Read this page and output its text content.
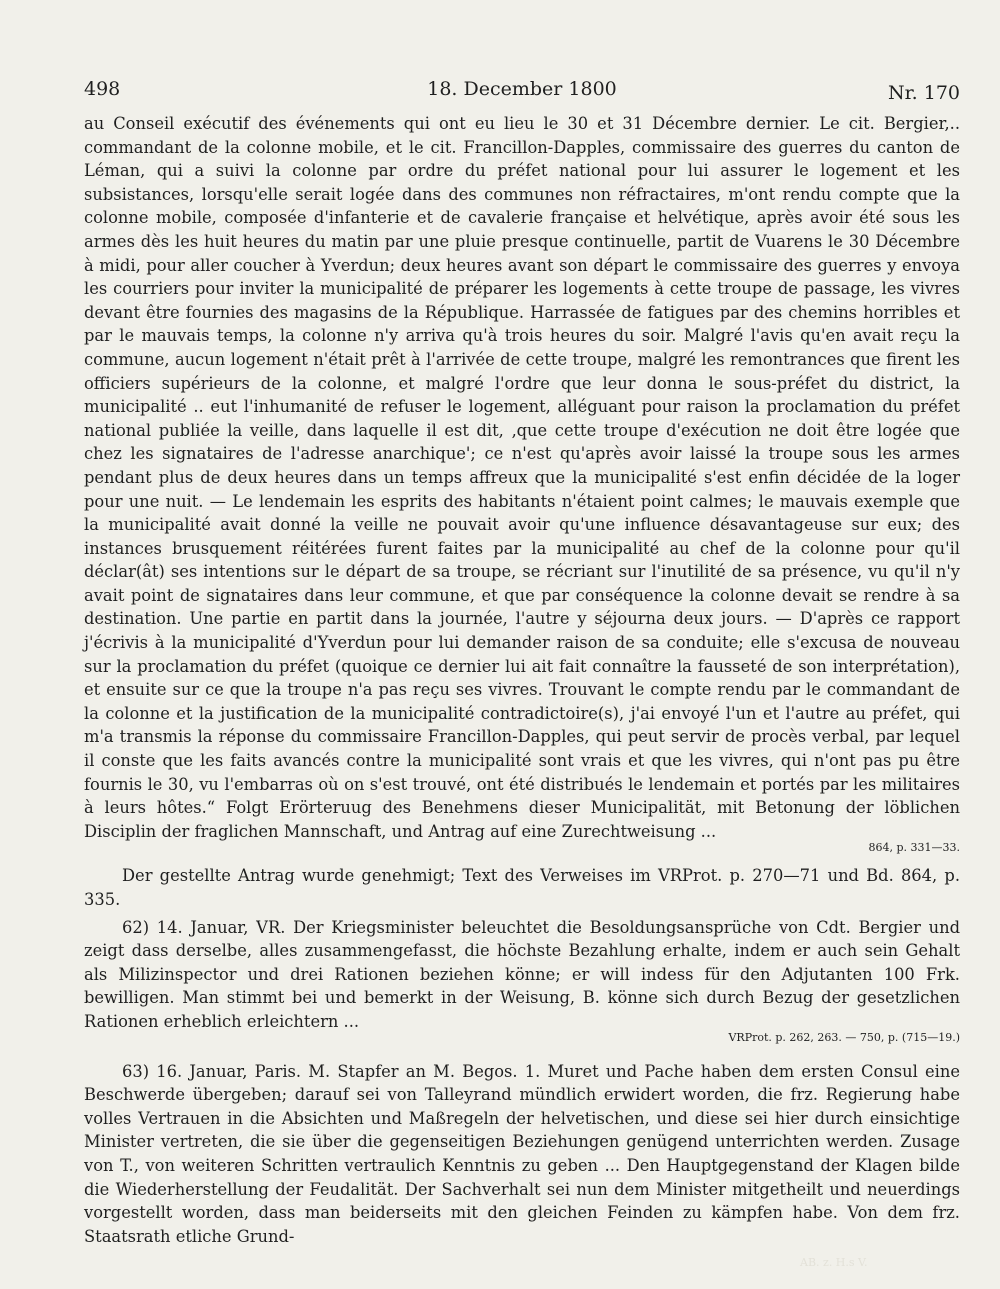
498	18. December 1800	Nr. 170

au Conseil exécutif des événements qui ont eu lieu le 30 et 31 Décembre dernier. Le cit. Bergier,.. commandant de la colonne mobile, et le cit. Francillon-Dapples, commissaire des guerres du canton de Léman, qui a suivi la colonne par ordre du préfet national pour lui assurer le logement et les subsistances, lorsqu'elle serait logée dans des communes non réfractaires, m'ont rendu compte que la colonne mobile, composée d'infanterie et de cavalerie française et helvétique, après avoir été sous les armes dès les huit heures du matin par une pluie presque continuelle, partit de Vuarens le 30 Décembre à midi, pour aller coucher à Yverdun; deux heures avant son départ le commissaire des guerres y envoya les courriers pour inviter la municipalité de préparer les logements à cette troupe de passage, les vivres devant être fournies des magasins de la République. Harrassée de fatigues par des chemins horribles et par le mauvais temps, la colonne n'y arriva qu'à trois heures du soir. Malgré l'avis qu'en avait reçu la commune, aucun logement n'était prêt à l'arrivée de cette troupe, malgré les remontrances que firent les officiers supérieurs de la colonne, et malgré l'ordre que leur donna le sous-préfet du district, la municipalité .. eut l'inhumanité de refuser le logement, alléguant pour raison la proclamation du préfet national publiée la veille, dans laquelle il est dit, ‚que cette troupe d'exécution ne doit être logée que chez les signataires de l'adresse anarchique'; ce n'est qu'après avoir laissé la troupe sous les armes pendant plus de deux heures dans un temps affreux que la municipalité s'est enfin décidée de la loger pour une nuit. — Le lendemain les esprits des habitants n'étaient point calmes; le mauvais exemple que la municipalité avait donné la veille ne pouvait avoir qu'une influence désavantageuse sur eux; des instances brusquement réitérées furent faites par la municipalité au chef de la colonne pour qu'il déclar(ât) ses intentions sur le départ de sa troupe, se récriant sur l'inutilité de sa présence, vu qu'il n'y avait point de signataires dans leur commune, et que par conséquence la colonne devait se rendre à sa destination. Une partie en partit dans la journée, l'autre y séjourna deux jours. — D'après ce rapport j'écrivis à la municipalité d'Yverdun pour lui demander raison de sa conduite; elle s'excusa de nouveau sur la proclamation du préfet (quoique ce dernier lui ait fait connaître la fausseté de son interprétation), et ensuite sur ce que la troupe n'a pas reçu ses vivres. Trouvant le compte rendu par le commandant de la colonne et la justification de la municipalité contradictoire(s), j'ai envoyé l'un et l'autre au préfet, qui m'a transmis la réponse du commissaire Francillon-Dapples, qui peut servir de procès verbal, par lequel il conste que les faits avancés contre la municipalité sont vrais et que les vivres, qui n'ont pas pu être fournis le 30, vu l'embarras où on s'est trouvé, ont été distribués le lendemain et portés par les militaires à leurs hôtes.“ Folgt Erörteruug des Benehmens dieser Municipalität, mit Betonung der löblichen Disciplin der fraglichen Mannschaft, und Antrag auf eine Zurechtweisung ...

864, p. 331—33.

Der gestellte Antrag wurde genehmigt; Text des Verweises im VRProt. p. 270—71 und Bd. 864, p. 335.

62) 14. Januar, VR. Der Kriegsminister beleuchtet die Besoldungsansprüche von Cdt. Bergier und zeigt dass derselbe, alles zusammengefasst, die höchste Bezahlung erhalte, indem er auch sein Gehalt als Milizinspector und drei Rationen beziehen könne; er will indess für den Adjutanten 100 Frk. bewilligen. Man stimmt bei und bemerkt in der Weisung, B. könne sich durch Bezug der gesetzlichen Rationen erheblich erleichtern ...

VRProt. p. 262, 263. — 750, p. (715—19.)

63) 16. Januar, Paris. M. Stapfer an M. Begos. 1. Muret und Pache haben dem ersten Consul eine Beschwerde übergeben; darauf sei von Talleyrand mündlich erwidert worden, die frz. Regierung habe volles Vertrauen in die Absichten und Maßregeln der helvetischen, und diese sei hier durch einsichtige Minister vertreten, die sie über die gegenseitigen Beziehungen genügend unterrichten werden. Zusage von T., von weiteren Schritten vertraulich Kenntnis zu geben ... Den Hauptgegenstand der Klagen bilde die Wiederherstellung der Feudalität. Der Sachverhalt sei nun dem Minister mitgetheilt und neuerdings vorgestellt worden, dass man beiderseits mit den gleichen Feinden zu kämpfen habe. Von dem frz. Staatsrath etliche Grund-

AB. z. H.s V.
